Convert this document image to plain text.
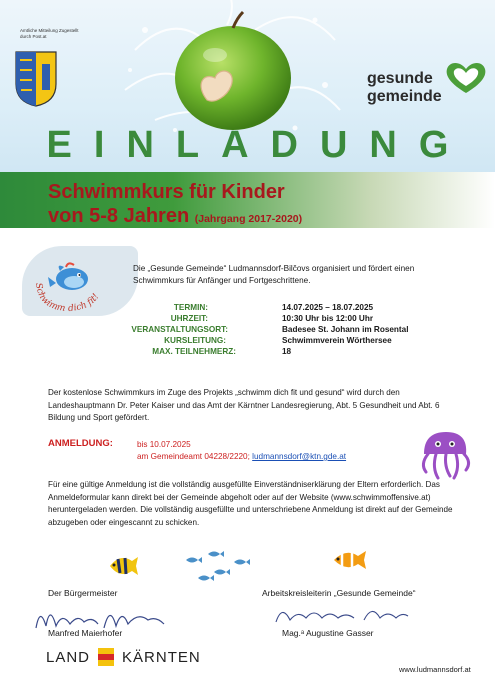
Amtliche Mitteilung Zugestellt durch Post.at
gesunde
gemeinde
EINLADUNG
Schwimmkurs für Kinder
von 5-8 Jahren (Jahrgang 2017-2020)
Schwimm dich fit!
Die „Gesunde Gemeinde“ Ludmannsdorf-Bilčovs organisiert und fördert einen Schwimmkurs für Anfänger und Fortgeschrittene.
TERMIN:	14.07.2025 – 18.07.2025
UHRZEIT:	10:30 Uhr bis 12:00 Uhr
VERANSTALTUNGSORT:	Badesee St. Johann im Rosental
KURSLEITUNG:	Schwimmverein Wörthersee
MAX. TEILNEHMERZ:	18
Der kostenlose Schwimmkurs im Zuge des Projekts „schwimm dich fit und gesund“ wird durch den Landeshauptmann Dr. Peter Kaiser und das Amt der Kärntner Landesregierung, Abt. 5 Gesundheit und Abt. 6 Bildung und Sport gefördert.
ANMELDUNG:	bis 10.07.2025
am Gemeindeamt 04228/2220; ludmannsdorf@ktn.gde.at
Für eine gültige Anmeldung ist die vollständig ausgefüllte Einverständniserklärung der Eltern erforderlich. Das Anmeldeformular kann direkt bei der Gemeinde abgeholt oder auf der Website (www.schwimmoffensive.at) heruntergeladen werden. Die vollständig ausgefüllte und unterschriebene Anmeldung ist direkt auf der Gemeinde abzugeben oder eingescannt zu schicken.
Der Bürgermeister	Arbeitskreisleiterin „Gesunde Gemeinde“
Manfred Maierhofer	Mag.ᵃ Augustine Gasser
LAND KÄRNTEN
www.ludmannsdorf.at
